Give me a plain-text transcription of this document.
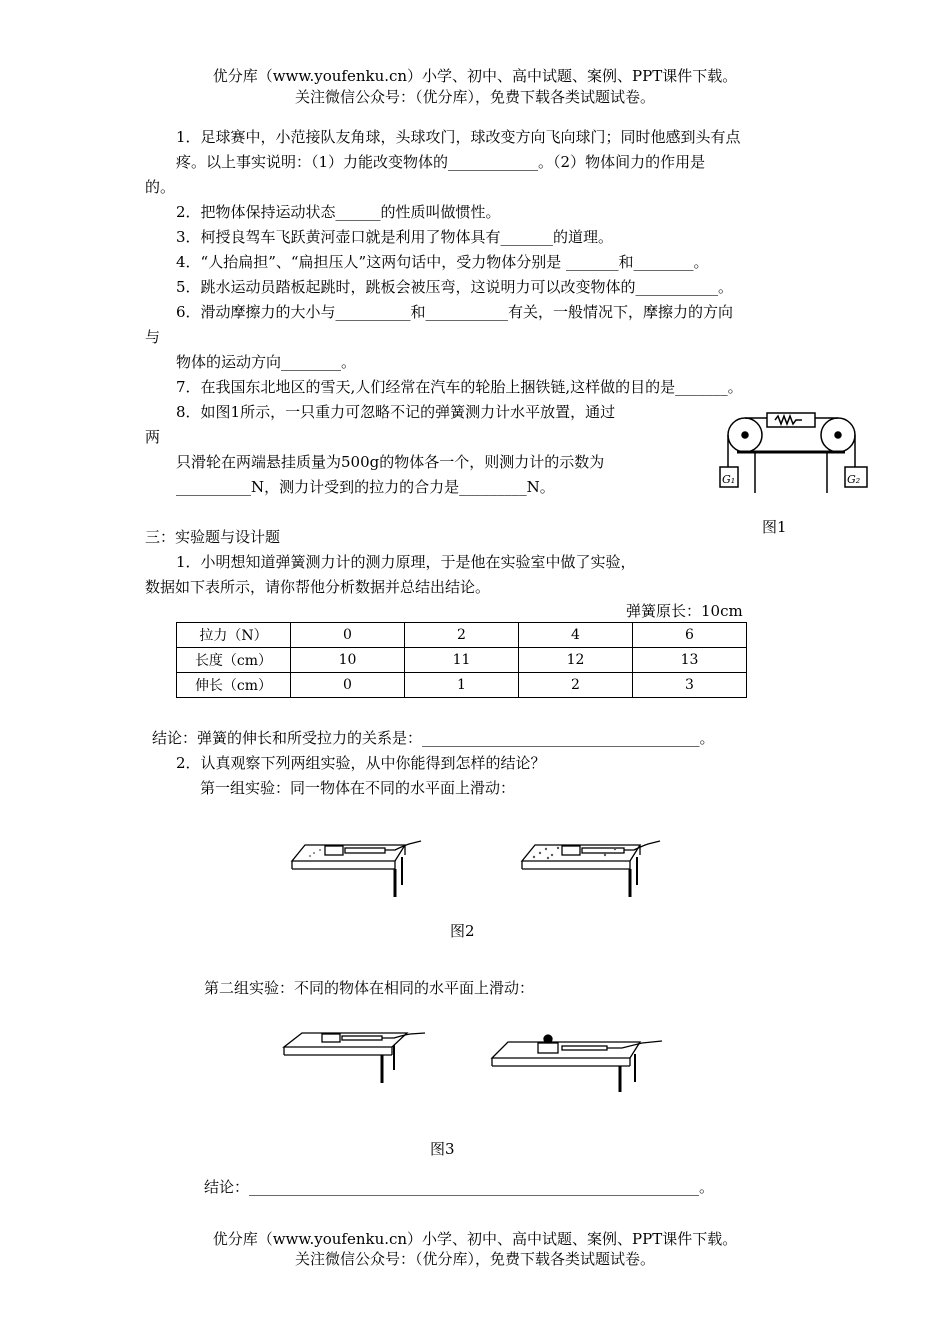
优分库（www.youfenku.cn）小学、初中、高中试题、案例、PPT课件下载。
关注微信公众号：（优分库），免费下载各类试题试卷。
1．足球赛中，小范接队友角球，头球攻门，球改变方向飞向球门；同时他感到头有点
疼。以上事实说明：（1）力能改变物体的____________。（2）物体间力的作用是
的。
2．把物体保持运动状态______的性质叫做惯性。
3．柯授良驾车飞跃黄河壶口就是利用了物体具有_______的道理。
4．“人抬扁担”、“扁担压人”这两句话中，受力物体分别是 _______和________。
5．跳水运动员踏板起跳时，跳板会被压弯，这说明力可以改变物体的___________。
6．滑动摩擦力的大小与__________和___________有关，一般情况下，摩擦力的方向
与
物体的运动方向________。
7．在我国东北地区的雪天,人们经常在汽车的轮胎上捆铁链,这样做的目的是_______。
8．如图1所示，一只重力可忽略不记的弹簧测力计水平放置，通过
两
只滑轮在两端悬挂质量为500g的物体各一个，则测力计的示数为
__________N，测力计受到的拉力的合力是_________N。	G₁	G₂
图1
三：实验题与设计题
1．小明想知道弹簧测力计的测力原理，于是他在实验室中做了实验，
数据如下表所示，请你帮他分析数据并总结出结论。
弹簧原长：10cm
拉力（N）	0	2	4	6
长度（cm）	10	11	12	13
伸长（cm）	0	1	2	3
结论：弹簧的伸长和所受拉力的关系是：_____________________________________。
2．认真观察下列两组实验，从中你能得到怎样的结论？
第一组实验：同一物体在不同的水平面上滑动：
图2
第二组实验：不同的物体在相同的水平面上滑动：
图3
结论：____________________________________________________________。
优分库（www.youfenku.cn）小学、初中、高中试题、案例、PPT课件下载。
关注微信公众号：（优分库），免费下载各类试题试卷。
